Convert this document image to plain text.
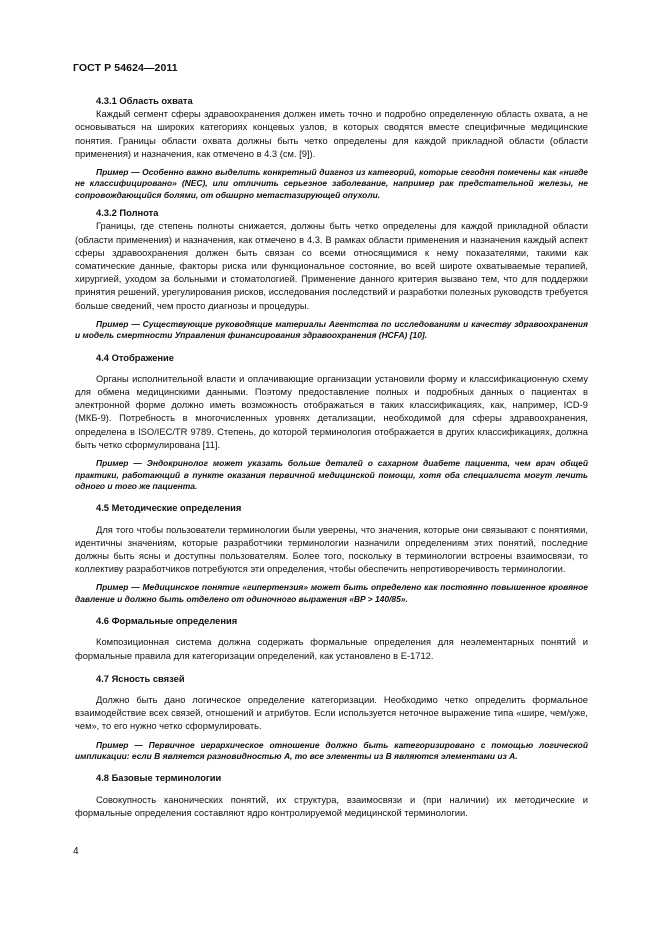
ГОСТ Р 54624—2011
4.3.1 Область охвата

Каждый сегмент сферы здравоохранения должен иметь точно и подробно определенную область охвата, а не основываться на широких категориях концевых узлов, в которых сводятся вместе специфичные медицинские понятия. Границы области охвата должны быть четко определены для каждой прикладной области (области применения) и назначения, как отмечено в 4.3 (см. [9]).

Пример — Особенно важно выделить конкретный диагноз из категорий, которые сегодня помечены как «нигде не классифицировано» (NEC), или отличить серьезное заболевание, например рак предстательной железы, не сопровождающийся болями, от обширно метастазирующей опухоли.

4.3.2 Полнота

Границы, где степень полноты снижается, должны быть четко определены для каждой прикладной области (области применения) и назначения, как отмечено в 4.3. В рамках области применения и назначения каждый аспект сферы здравоохранения должен быть связан со всеми относящимися к нему показателями, такими как соматические данные, факторы риска или функциональное состояние, во всей широте охватываемые терапией, хирургией, уходом за больными и стоматологией. Применение данного критерия вызвано тем, что для поддержки принятия решений, урегулирования рисков, исследования последствий и разработки полезных руководств требуется больше сведений, чем просто диагнозы и процедуры.

Пример — Существующие руководящие материалы Агентства по исследованиям и качеству здравоохранения и модель смертности Управления финансирования здравоохранения (HCFA) [10].

4.4 Отображение

Органы исполнительной власти и оплачивающие организации установили форму и классификационную схему для обмена медицинскими данными. Поэтому предоставление полных и подробных данных о пациентах в электронной форме должно иметь возможность отображаться в таких классификациях, как, например, ICD-9 (МКБ-9). Потребность в многочисленных уровнях детализации, необходимой для сферы здравоохранения, определена в ISO/IEC/TR 9789. Степень, до которой терминология отображается в других классификациях, должна быть четко сформулирована [11].

Пример — Эндокринолог может указать больше деталей о сахарном диабете пациента, чем врач общей практики, работающий в пункте оказания первичной медицинской помощи, хотя оба специалиста могут лечить одного и того же пациента.

4.5 Методические определения

Для того чтобы пользователи терминологии были уверены, что значения, которые они связывают с понятиями, идентичны значениям, которые разработчики терминологии назначили определениям этих понятий, последние должны быть ясны и доступны пользователям. Более того, поскольку в терминологии встроены взаимосвязи, то коллективу разработчиков потребуются эти определения, чтобы обеспечить непротиворечивость терминологии.

Пример — Медицинское понятие «гипертензия» может быть определено как постоянно повышенное кровяное давление и должно быть отделено от одиночного выражения «BP > 140/85».

4.6 Формальные определения

Композиционная система должна содержать формальные определения для неэлементарных понятий и формальные правила для категоризации определений, как установлено в Е-1712.

4.7 Ясность связей

Должно быть дано логическое определение категоризации. Необходимо четко определить формальное взаимодействие всех связей, отношений и атрибутов. Если используется неточное выражение типа «шире, чем/уже, чем», то его нужно четко сформулировать.

Пример — Первичное иерархическое отношение должно быть категоризировано с помощью логической импликации: если В является разновидностью А, то все элементы из В являются элементами из А.

4.8 Базовые терминологии

Совокупность канонических понятий, их структура, взаимосвязи и (при наличии) их методические и формальные определения составляют ядро контролируемой медицинской терминологии.

4
